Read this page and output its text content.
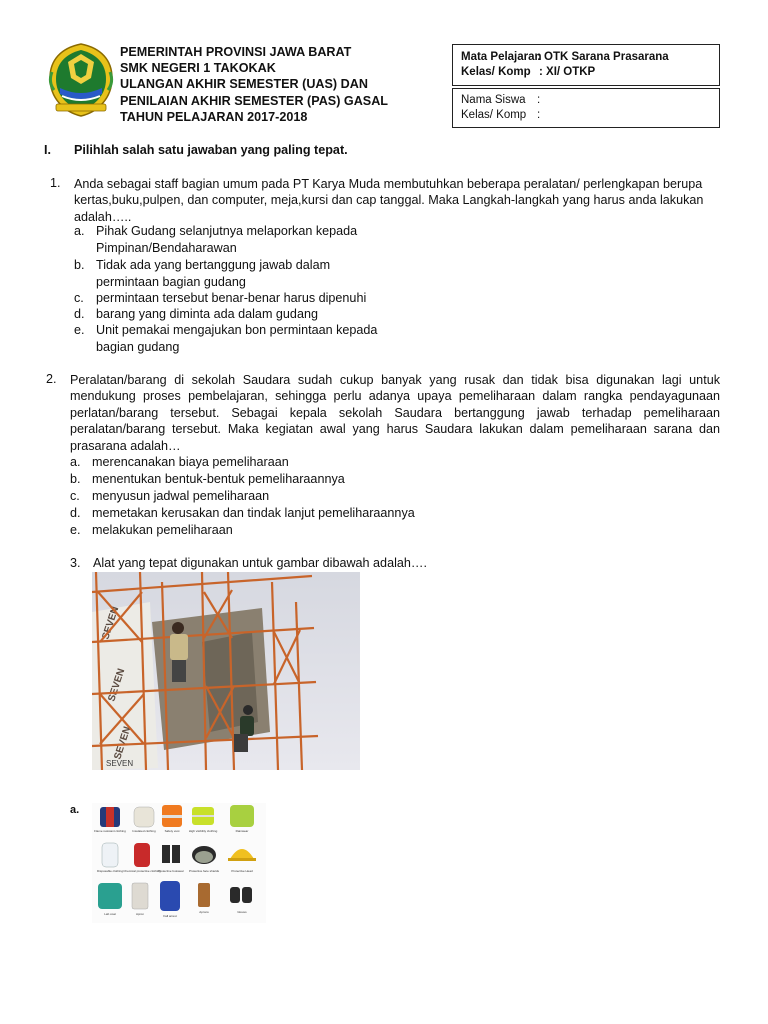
PEMERINTAH PROVINSI JAWA BARAT
SMK NEGERI 1 TAKOKAK
ULANGAN AKHIR SEMESTER (UAS) DAN
PENILAIAN AKHIR SEMESTER (PAS) GASAL
TAHUN PELAJARAN 2017-2018
Mata Pelajaran
: OTK Sarana Prasarana
Kelas/ Komp : XI/ OTKP
Nama Siswa :
Kelas/ Komp :
I. Pilihlah salah satu jawaban yang paling tepat.
1. Anda sebagai staff bagian umum pada PT Karya Muda membutuhkan beberapa peralatan/ perlengkapan berupa
kertas,buku,pulpen, dan computer, meja,kursi dan cap tanggal. Maka Langkah-langkah yang harus anda lakukan
adalah…..
a. Pihak Gudang selanjutnya melaporkan kepada
Pimpinan/Bendaharawan
b. Tidak ada yang bertanggung jawab dalam
permintaan bagian gudang
c. permintaan tersebut benar-benar harus dipenuhi
d. barang yang diminta ada dalam gudang
e. Unit pemakai mengajukan bon permintaan kepada
bagian gudang
2. Peralatan/barang di sekolah Saudara sudah cukup banyak yang rusak dan tidak bisa digunakan lagi untuk
mendukung proses pembelajaran, sehingga perlu adanya upaya pemeliharaan dalam rangka pendayagunaan
perlatan/barang tersebut. Sebagai kepala sekolah Saudara bertanggung jawab terhadap pemeliharaan
peralatan/barang tersebut. Maka kegiatan awal yang harus Saudara lakukan dalam pemeliharaan sarana dan
prasarana adalah…
a. merencanakan biaya pemeliharaan
b. menentukan bentuk-bentuk pemeliharaannya
c. menyusun jadwal pemeliharaan
d. memetakan kerusakan dan tindak lanjut pemeliharaannya
e. melakukan pemeliharaan
3. Alat yang tepat digunakan untuk gambar dibawah adalah….
SEVEN
SEVEN
SEVEN
SEVEN
a.
Flame resistant clothing Insulated clothing	Safety vest	High visibility clothing	Rainwear
Disposable clothing Chemical protective clothing
Protective footwear Protective face shields	Protective Head
Lab coat	Apron	Fall arrest
Aprons	Gloves
